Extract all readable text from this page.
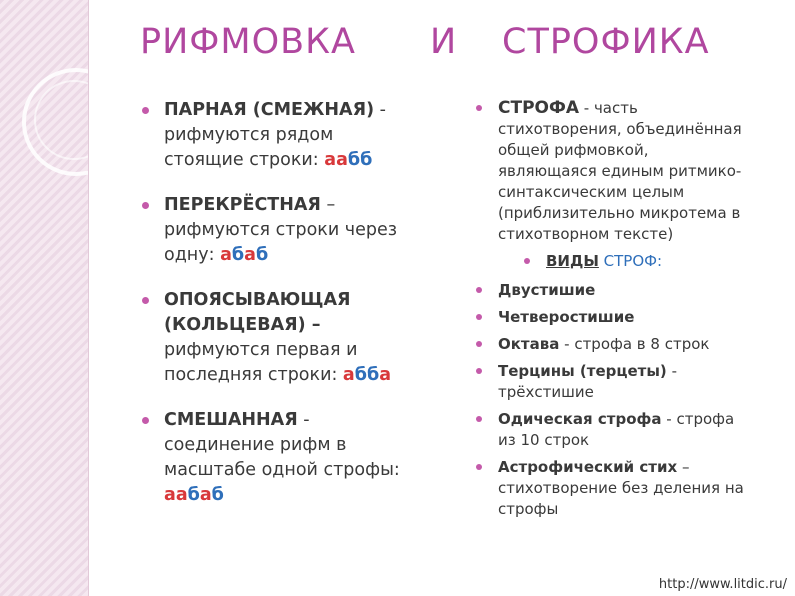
РИФМОВКА И СТРОФИКА
ПАРНАЯ (СМЕЖНАЯ) -
рифмуются рядом
стоящие строки: аабб
ПЕРЕКРЁСТНАЯ –
рифмуются строки через
одну: абаб
ОПОЯСЫВАЮЩАЯ
(КОЛЬЦЕВАЯ) –
рифмуются первая и
последняя строки: абба
СМЕШАННАЯ -
соединение рифм в
масштабе одной строфы:
аабаб
СТРОФА - часть
стихотворения, объединённая
общей рифмовкой,
являющаяся единым ритмико-
синтаксическим целым
(приблизительно микротема в
стихотворном тексте)
ВИДЫ СТРОФ:
Двустишие
Четверостишие
Октава - строфа в 8 строк
Терцины (терцеты) -
трёхстишие
Одическая строфа - строфа
из 10 строк
Астрофический стих –
стихотворение без деления на
строфы
http://www.litdic.ru/
